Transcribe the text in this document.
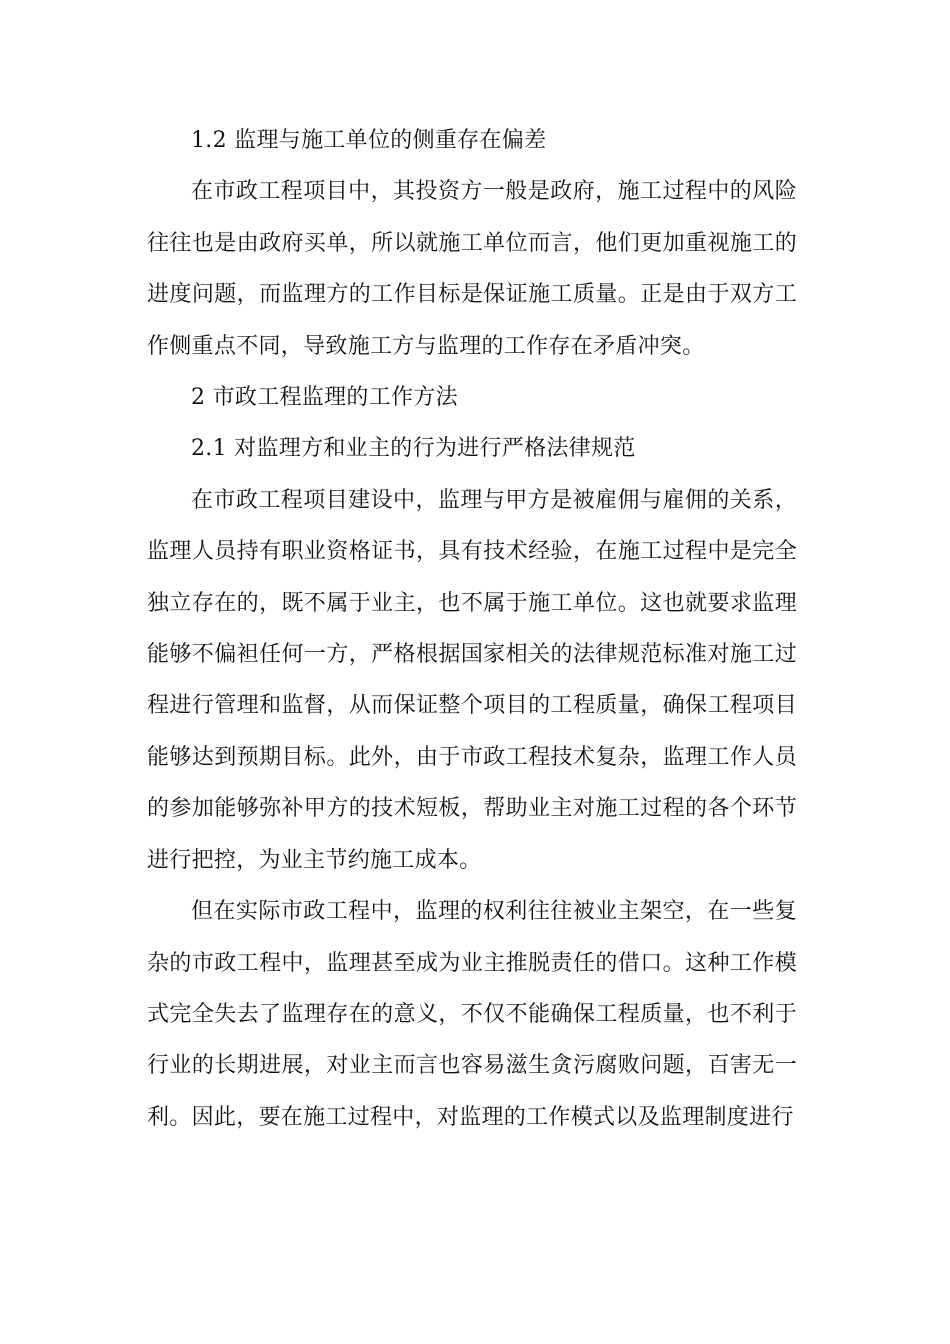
1.2 监理与施工单位的侧重存在偏差

在市政工程项目中，其投资方一般是政府，施工过程中的风险往往也是由政府买单，所以就施工单位而言，他们更加重视施工的进度问题，而监理方的工作目标是保证施工质量。正是由于双方工作侧重点不同，导致施工方与监理的工作存在矛盾冲突。

2 市政工程监理的工作方法

2.1 对监理方和业主的行为进行严格法律规范

在市政工程项目建设中，监理与甲方是被雇佣与雇佣的关系，监理人员持有职业资格证书，具有技术经验，在施工过程中是完全独立存在的，既不属于业主，也不属于施工单位。这也就要求监理能够不偏袒任何一方，严格根据国家相关的法律规范标准对施工过程进行管理和监督，从而保证整个项目的工程质量，确保工程项目能够达到预期目标。此外，由于市政工程技术复杂，监理工作人员的参加能够弥补甲方的技术短板，帮助业主对施工过程的各个环节进行把控，为业主节约施工成本。

但在实际市政工程中，监理的权利往往被业主架空，在一些复杂的市政工程中，监理甚至成为业主推脱责任的借口。这种工作模式完全失去了监理存在的意义，不仅不能确保工程质量，也不利于行业的长期进展，对业主而言也容易滋生贪污腐败问题，百害无一利。因此，要在施工过程中，对监理的工作模式以及监理制度进行
